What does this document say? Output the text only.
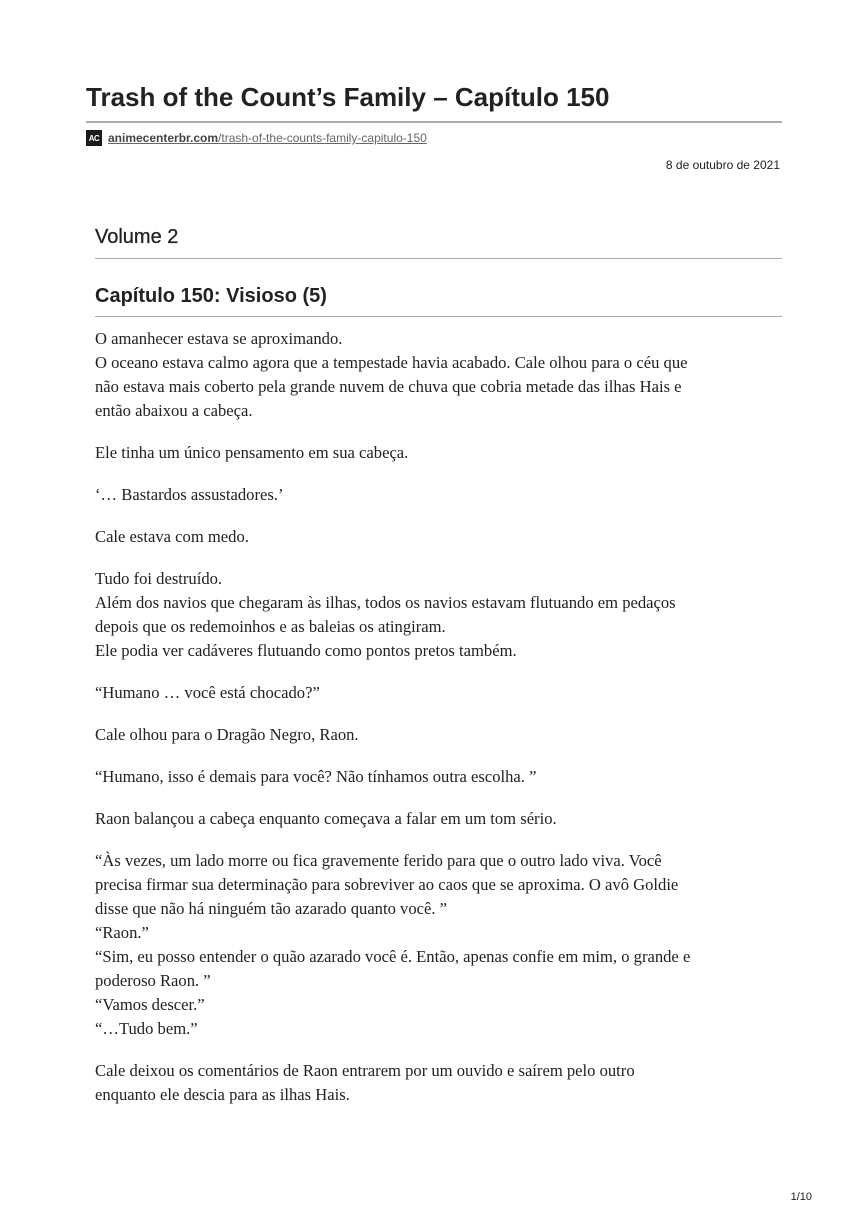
Trash of the Count’s Family – Capítulo 150
AC animecenterbr.com/trash-of-the-counts-family-capitulo-150
8 de outubro de 2021
Volume 2
Capítulo 150: Visioso (5)

O amanhecer estava se aproximando.
O oceano estava calmo agora que a tempestade havia acabado. Cale olhou para o céu que
não estava mais coberto pela grande nuvem de chuva que cobria metade das ilhas Hais e
então abaixou a cabeça.

Ele tinha um único pensamento em sua cabeça.

‘… Bastardos assustadores.’

Cale estava com medo.

Tudo foi destruído.
Além dos navios que chegaram às ilhas, todos os navios estavam flutuando em pedaços
depois que os redemoinhos e as baleias os atingiram.
Ele podia ver cadáveres flutuando como pontos pretos também.

“Humano … você está chocado?”

Cale olhou para o Dragão Negro, Raon.

“Humano, isso é demais para você? Não tínhamos outra escolha. ”

Raon balançou a cabeça enquanto começava a falar em um tom sério.

“Às vezes, um lado morre ou fica gravemente ferido para que o outro lado viva. Você
precisa firmar sua determinação para sobreviver ao caos que se aproxima. O avô Goldie
disse que não há ninguém tão azarado quanto você. ”
“Raon.”
“Sim, eu posso entender o quão azarado você é. Então, apenas confie em mim, o grande e
poderoso Raon. ”
“Vamos descer.”
“…Tudo bem.”

Cale deixou os comentários de Raon entrarem por um ouvido e saírem pelo outro
enquanto ele descia para as ilhas Hais.

1/10
